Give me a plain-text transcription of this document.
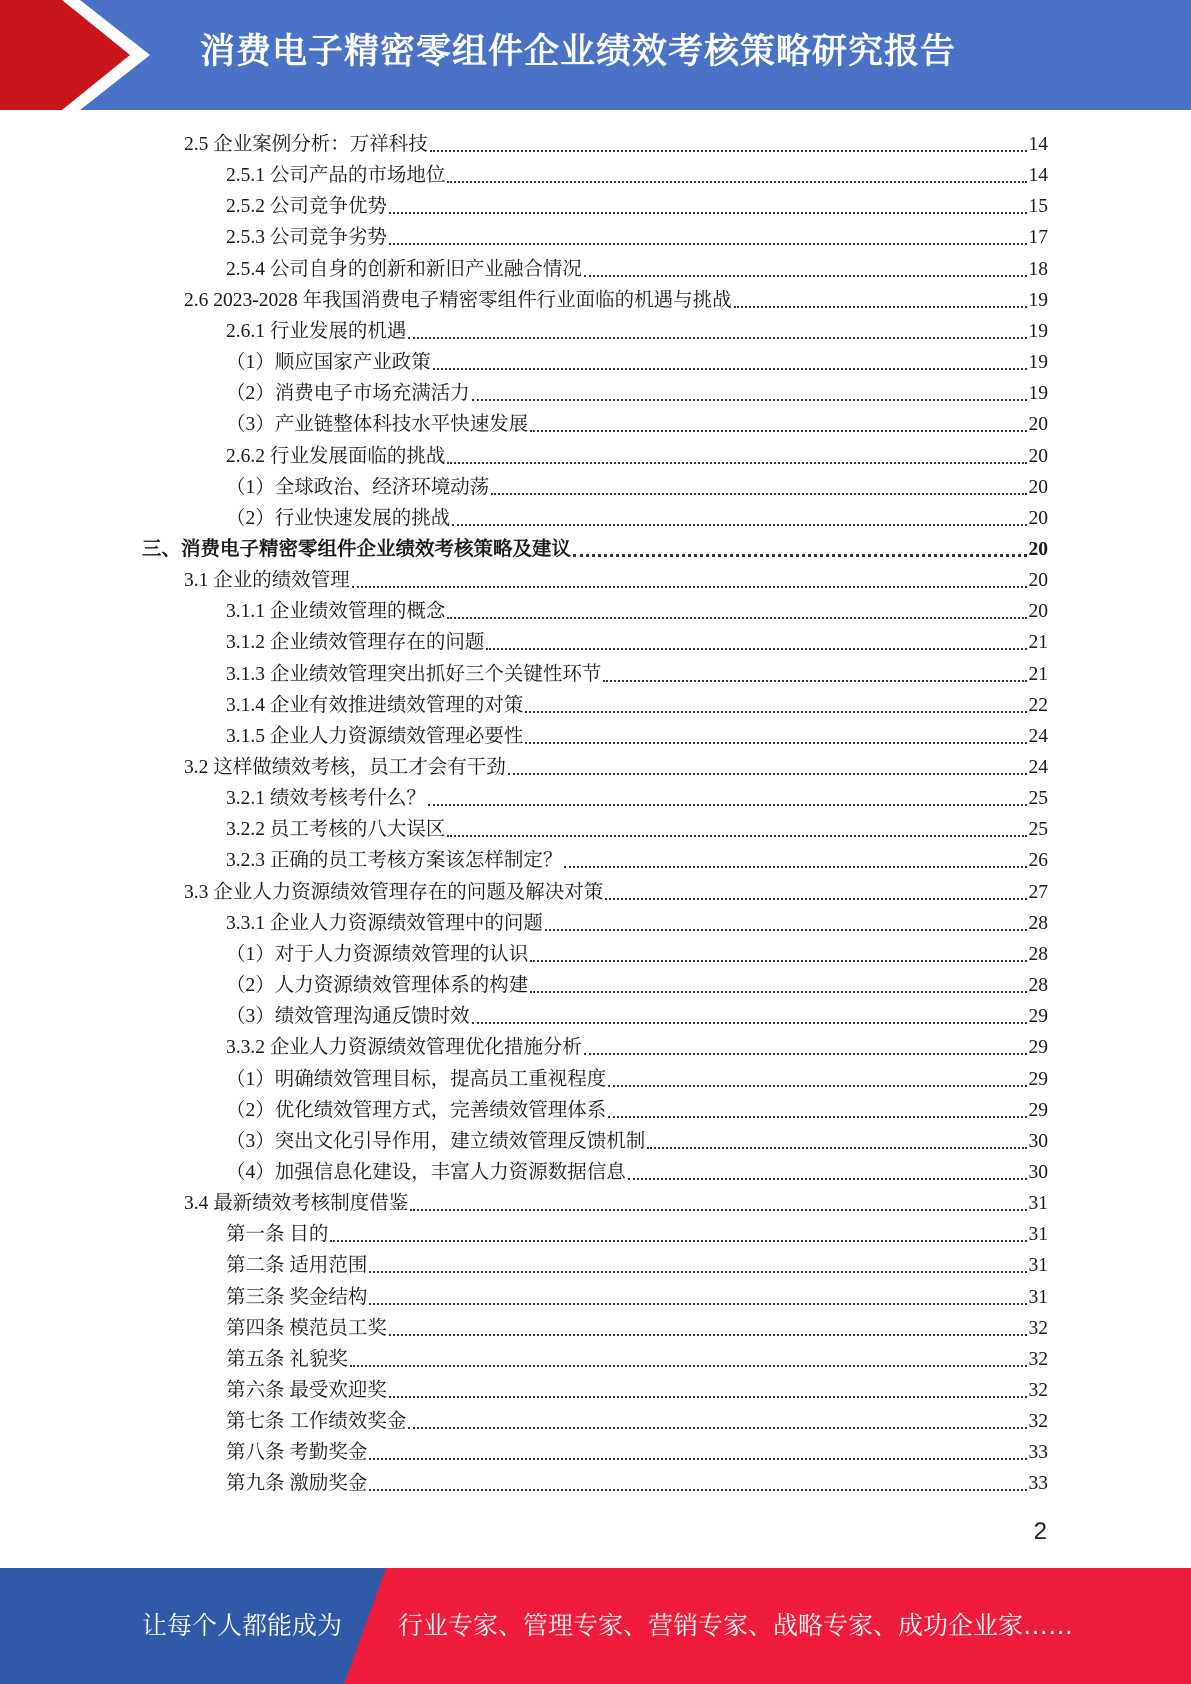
消费电子精密零组件企业绩效考核策略研究报告
2.5 企业案例分析：万祥科技	14
2.5.1 公司产品的市场地位	14
2.5.2 公司竞争优势	15
2.5.3 公司竞争劣势	17
2.5.4 公司自身的创新和新旧产业融合情况	18
2.6 2023-2028 年我国消费电子精密零组件行业面临的机遇与挑战	19
2.6.1 行业发展的机遇	19
（1）顺应国家产业政策	19
（2）消费电子市场充满活力	19
（3）产业链整体科技水平快速发展	20
2.6.2 行业发展面临的挑战	20
（1）全球政治、经济环境动荡	20
（2）行业快速发展的挑战	20
三、消费电子精密零组件企业绩效考核策略及建议	20
3.1 企业的绩效管理	20
3.1.1 企业绩效管理的概念	20
3.1.2 企业绩效管理存在的问题	21
3.1.3 企业绩效管理突出抓好三个关键性环节	21
3.1.4 企业有效推进绩效管理的对策	22
3.1.5 企业人力资源绩效管理必要性	24
3.2 这样做绩效考核，员工才会有干劲	24
3.2.1 绩效考核考什么？	25
3.2.2 员工考核的八大误区	25
3.2.3 正确的员工考核方案该怎样制定？	26
3.3 企业人力资源绩效管理存在的问题及解决对策	27
3.3.1 企业人力资源绩效管理中的问题	28
（1）对于人力资源绩效管理的认识	28
（2）人力资源绩效管理体系的构建	28
（3）绩效管理沟通反馈时效	29
3.3.2 企业人力资源绩效管理优化措施分析	29
（1）明确绩效管理目标，提高员工重视程度	29
（2）优化绩效管理方式，完善绩效管理体系	29
（3）突出文化引导作用，建立绩效管理反馈机制	30
（4）加强信息化建设，丰富人力资源数据信息	30
3.4 最新绩效考核制度借鉴	31
第一条 目的	31
第二条 适用范围	31
第三条 奖金结构	31
第四条 模范员工奖	32
第五条 礼貌奖	32
第六条 最受欢迎奖	32
第七条 工作绩效奖金	32
第八条 考勤奖金	33
第九条 激励奖金	33
2
让每个人都能成为 行业专家、管理专家、营销专家、战略专家、成功企业家……
